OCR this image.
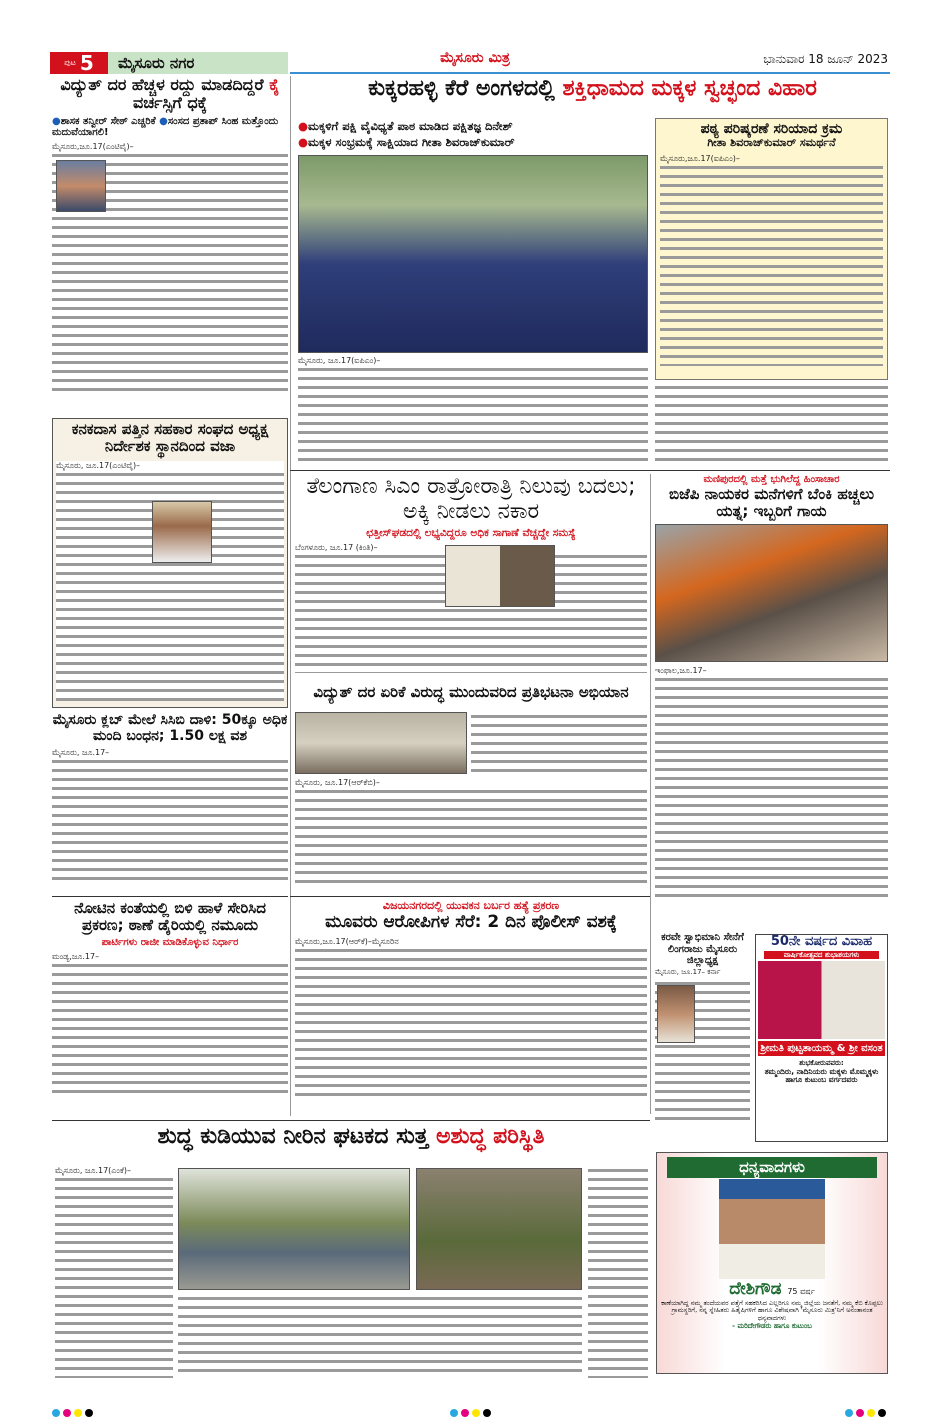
ಪುಟ 5	ಮೈಸೂರು ನಗರ	ಮೈಸೂರು ಮಿತ್ರ	ಭಾನುವಾರ 18 ಜೂನ್ 2023
ವಿದ್ಯುತ್ ದರ ಹೆಚ್ಚಳ ರದ್ದು ಮಾಡದಿದ್ದರೆ ಕೈ ವರ್ಚಸ್ಸಿಗೆ ಧಕ್ಕೆ
●ಶಾಸಕ ತನ್ವೀರ್ ಸೇಠ್ ಎಚ್ಚರಿಕೆ ●ಸಂಸದ ಪ್ರತಾಪ್ ಸಿಂಹ ಮತ್ತೊಂದು ಮದುವೆಯಾಗಲಿ!
ಮೈಸೂರು,ಜೂ.17(ಎಂಟಿವೈ)–
ಕನಕದಾಸ ಪತ್ತಿನ ಸಹಕಾರ ಸಂಘದ ಅಧ್ಯಕ್ಷ ನಿರ್ದೇಶಕ ಸ್ಥಾನದಿಂದ ವಜಾ
ಮೈಸೂರು, ಜೂ.17(ಎಂಟಿವೈ)–
ಮೈಸೂರು ಕ್ಲಬ್ ಮೇಲೆ ಸಿಸಿಬಿ ದಾಳಿ: 50ಕ್ಕೂ ಅಧಿಕ ಮಂದಿ ಬಂಧನ; 1.50 ಲಕ್ಷ ವಶ
ಮೈಸೂರು, ಜೂ.17–
ನೋಟಿನ ಕಂತೆಯಲ್ಲಿ ಬಿಳಿ ಹಾಳೆ ಸೇರಿಸಿದ ಪ್ರಕರಣ; ಠಾಣೆ ಡೈರಿಯಲ್ಲಿ ನಮೂದು
ಪಾರ್ಟಿಗಳು ರಾಜೀ ಮಾಡಿಕೊಳ್ಳುವ ನಿರ್ಧಾರ
ಮಂಡ್ಯ,ಜೂ.17–
ಕುಕ್ಕರಹಳ್ಳಿ ಕೆರೆ ಅಂಗಳದಲ್ಲಿ ಶಕ್ತಿಧಾಮದ ಮಕ್ಕಳ ಸ್ವಚ್ಛಂದ ವಿಹಾರ
●ಮಕ್ಕಳಿಗೆ ಪಕ್ಷಿ ವೈವಿಧ್ಯತೆ ಪಾಠ ಮಾಡಿದ ಪಕ್ಷಿತಜ್ಞ ದಿನೇಶ್
●ಮಕ್ಕಳ ಸಂಭ್ರಮಕ್ಕೆ ಸಾಕ್ಷಿಯಾದ ಗೀತಾ ಶಿವರಾಜ್‌ಕುಮಾರ್
ಮೈಸೂರು, ಜೂ.17(ಐಪಿಎಂ)–
ಪಠ್ಯ ಪರಿಷ್ಕರಣೆ ಸರಿಯಾದ ಕ್ರಮ
ಗೀತಾ ಶಿವರಾಜ್‌ಕುಮಾರ್ ಸಮರ್ಥನೆ
ಮೈಸೂರು,ಜೂ.17(ಐಪಿಎಂ)–
ತೆಲಂಗಾಣ ಸಿಎಂ ರಾತ್ರೋರಾತ್ರಿ ನಿಲುವು ಬದಲು; ಅಕ್ಕಿ ನೀಡಲು ನಕಾರ
ಛತ್ತೀಸ್‌ಘಡದಲ್ಲಿ ಲಭ್ಯವಿದ್ದರೂ ಅಧಿಕ ಸಾಗಾಣೆ ವೆಚ್ಚದ್ದೇ ಸಮಸ್ಯೆ
ಬೆಂಗಳೂರು, ಜೂ.17 (ಕಿಂತಿ)–
ವಿದ್ಯುತ್ ದರ ಏರಿಕೆ ವಿರುದ್ಧ ಮುಂದುವರಿದ ಪ್ರತಿಭಟನಾ ಅಭಿಯಾನ
ಮೈಸೂರು, ಜೂ.17(ಆರ್‌ಕೆಬಿ)–
ಮಣಿಪುರದಲ್ಲಿ ಮತ್ತೆ ಭುಗಿಲೆದ್ದ ಹಿಂಸಾಚಾರ
ಬಿಜೆಪಿ ನಾಯಕರ ಮನೆಗಳಿಗೆ ಬೆಂಕಿ ಹಚ್ಚಲು ಯತ್ನ; ಇಬ್ಬರಿಗೆ ಗಾಯ
ಇಂಫಾಲ,ಜೂ.17–
ವಿಜಯನಗರದಲ್ಲಿ ಯುವಕನ ಬರ್ಬರ ಹತ್ಯೆ ಪ್ರಕರಣ
ಮೂವರು ಆರೋಪಿಗಳ ಸೆರೆ: 2 ದಿನ ಪೊಲೀಸ್ ವಶಕ್ಕೆ
ಮೈಸೂರು,ಜೂ.17(ಆರ್‌ಕೆ)–ಮೈಸೂರಿನ	ಕರವೇ ಸ್ವಾಭಿಮಾನಿ ಸೇನೆಗೆ ಲಿಂಗರಾಜು ಮೈಸೂರು ಜಿಲ್ಲಾಧ್ಯಕ್ಷ
ಮೈಸೂರು, ಜೂ.17– ಕರ್ನಾ
50ನೇ ವರ್ಷದ ವಿವಾಹ
ವಾರ್ಷಿಕೋತ್ಸವದ ಶುಭಾಶಯಗಳು
ಶ್ರೀಮತಿ ಪುಟ್ಟತಾಯಮ್ಮ & ಶ್ರೀ ವಸಂತ
ಶುಭಕೋರುವವರು:
ತಮ್ಮಂದಿರು, ನಾದಿನಿಯರು ಮಕ್ಕಳು ಮೊಮ್ಮಕ್ಕಳು ಹಾಗೂ ಕುಟುಂಬ ವರ್ಗದವರು
ಶುದ್ಧ ಕುಡಿಯುವ ನೀರಿನ ಘಟಕದ ಸುತ್ತ ಅಶುದ್ಧ ಪರಿಸ್ಥಿತಿ
ಮೈಸೂರು, ಜೂ.17(ಎಂಕೆ)–	ಧನ್ಯವಾದಗಳು
ದೇಶಿಗೌಡ 75 ವರ್ಷ
ಕಾಣೆಯಾಗಿದ್ದ ನಮ್ಮ ತಂದೆಯವರ ಪತ್ತೆಗೆ ಸಹಕರಿಸಿದ ಎಲ್ಲರಿಗೂ ನಮ್ಮ ಜಿಲ್ಲೆಯ ಜನತೆಗೆ, ನಮ್ಮ ಕೆಬಿ ಕೊಪ್ಪಲು ಗ್ರಾಮಸ್ಥರಿಗೆ, ನನ್ನ ಸ್ನೇಹಿತರು ಹಿತೈಷಿಗಳಿಗೆ ಹಾಗೂ ವಿಶೇಷವಾಗಿ 'ಮೈಸೂರು ಮಿತ್ರ'ನಿಗೆ ಅನಂತಾನಂತ ಧನ್ಯವಾದಗಳು
- ಮರಿದೇಗೌಡರು ಹಾಗೂ ಕುಟುಂಬ
